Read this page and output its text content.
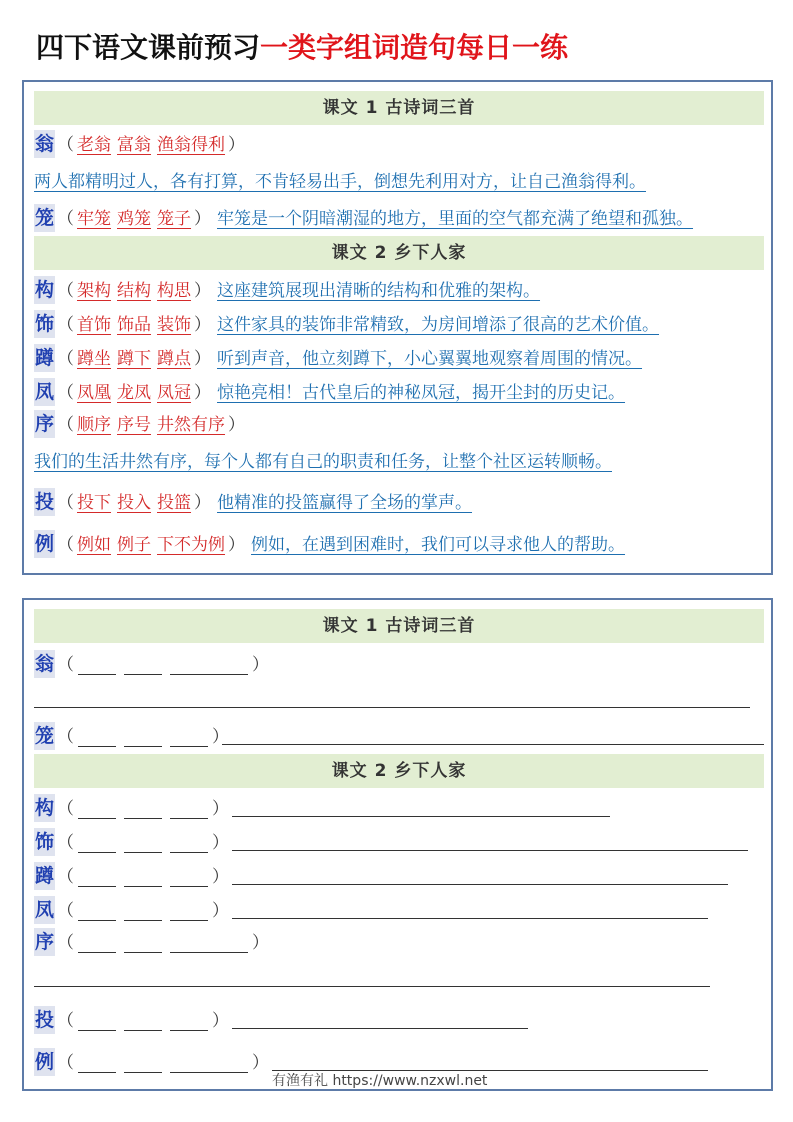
四下语文课前预习一类字组词造句每日一练
课文 1 古诗词三首
翁 （ 老翁 富翁 渔翁得利 ）
两人都精明过人，各有打算，不肯轻易出手，倒想先利用对方，让自己渔翁得利。
笼 （ 牢笼 鸡笼 笼子 ） 牢笼是一个阴暗潮湿的地方，里面的空气都充满了绝望和孤独。
课文 2 乡下人家
构 （ 架构 结构 构思 ） 这座建筑展现出清晰的结构和优雅的架构。
饰 （ 首饰 饰品 装饰 ） 这件家具的装饰非常精致，为房间增添了很高的艺术价值。
蹲 （ 蹲坐 蹲下 蹲点 ） 听到声音，他立刻蹲下，小心翼翼地观察着周围的情况。
凤 （ 凤凰 龙凤 凤冠 ） 惊艳亮相！古代皇后的神秘凤冠，揭开尘封的历史记。
序 （ 顺序 序号 井然有序 ）
我们的生活井然有序，每个人都有自己的职责和任务，让整个社区运转顺畅。
投 （ 投下 投入 投篮 ） 他精准的投篮赢得了全场的掌声。
例 （ 例如 例子 下不为例 ） 例如，在遇到困难时，我们可以寻求他人的帮助。
课文 1 古诗词三首
翁 （	）
笼 （	）
课文 2 乡下人家
构 （	）
饰 （	）
蹲 （	）
凤 （	）
序 （	）
投 （	）
例 （	）
有渔有礼 https://www.nzxwl.net
